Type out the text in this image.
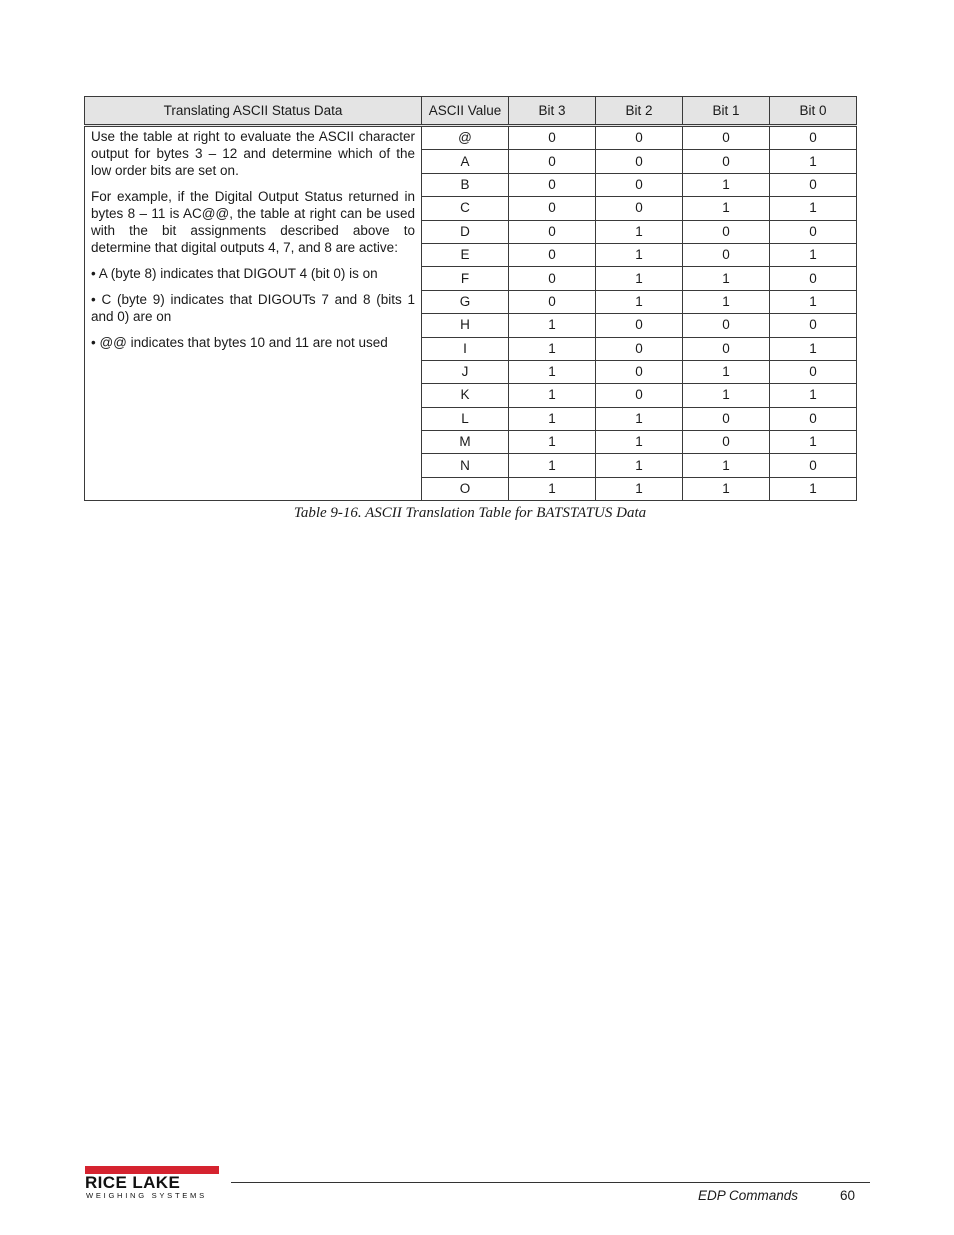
Translating ASCII Status Data	ASCII Value	Bit 3	Bit 2	Bit 1	Bit 0

Use the table at right to evaluate the ASCII character output for bytes 3 – 12 and determine which of the low order bits are set on.

For example, if the Digital Output Status returned in bytes 8 – 11 is AC@@, the table at right can be used with the bit assignments described above to determine that digital outputs 4, 7, and 8 are active:

• A (byte 8) indicates that DIGOUT 4 (bit 0) is on

• C (byte 9) indicates that DIGOUTs 7 and 8 (bits 1 and 0) are on

• @@ indicates that bytes 10 and 11 are not used	@	0	0	0	0
	A	0	0	0	1
	B	0	0	1	0
	C	0	0	1	1
	D	0	1	0	0
	E	0	1	0	1
	F	0	1	1	0
	G	0	1	1	1
	H	1	0	0	0
	I	1	0	0	1
	J	1	0	1	0
	K	1	0	1	1
	L	1	1	0	0
	M	1	1	0	1
	N	1	1	1	0
	O	1	1	1	1
Table 9-16. ASCII Translation Table for BATSTATUS Data
RICE LAKE
WEIGHING SYSTEMS	EDP Commands	60
